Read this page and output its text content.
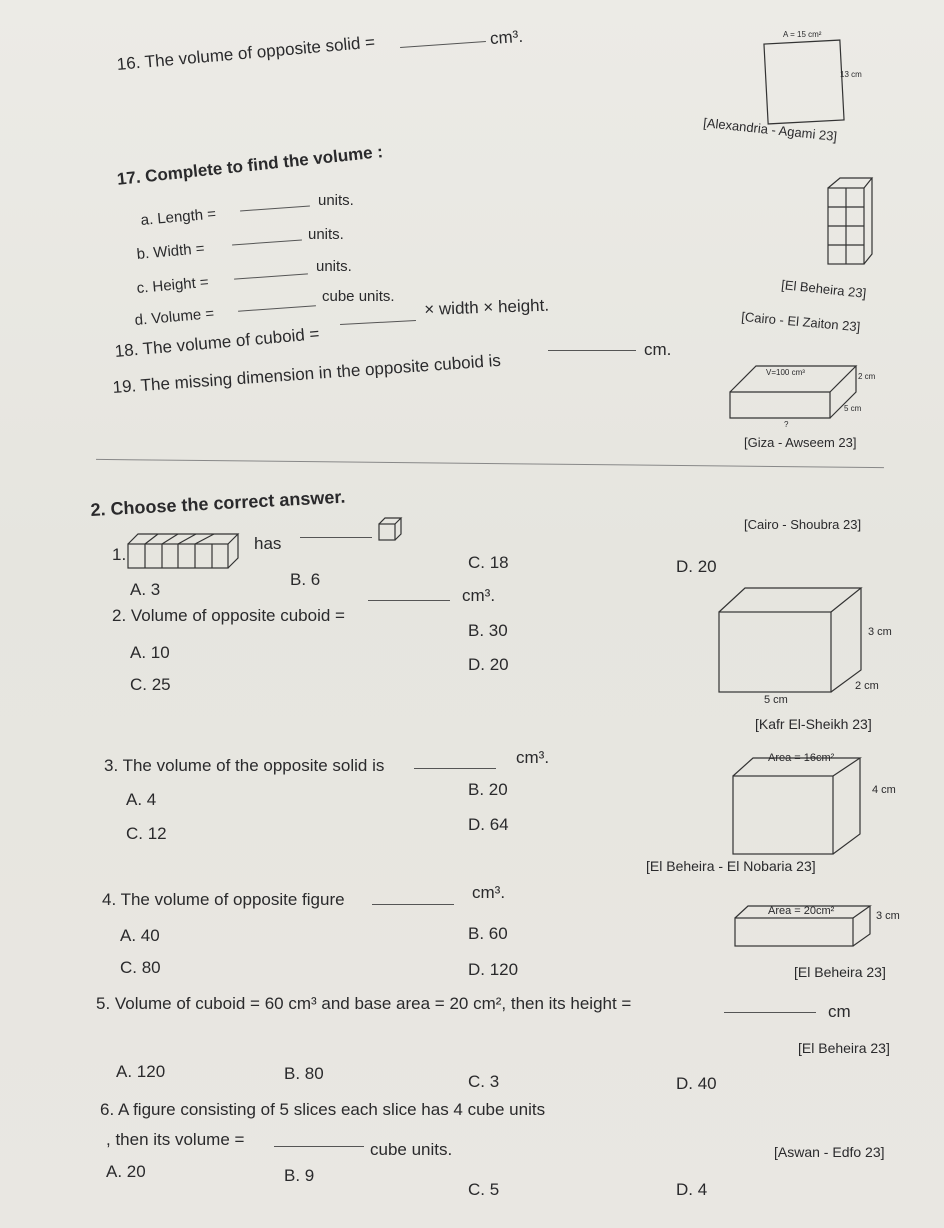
16. The volume of opposite solid =	cm³.	A = 15 cm²
13 cm
[Alexandria - Agami 23]
17. Complete to find the volume :
a. Length =
units.
b. Width =
units.
c. Height =
units.
d. Volume =
cube units.	[El Beheira 23]
18. The volume of cuboid =
× width × height.
[Cairo - El Zaiton 23]
19. The missing dimension in the opposite cuboid is
cm.
V=100 cm³	2 cm
5 cm
?
[Giza - Awseem 23]
2. Choose the correct answer.
1.
has
[Cairo - Shoubra 23]
A. 3
B. 6
C. 18	D. 20
2. Volume of opposite cuboid =
cm³.
A. 10
B. 30
C. 25
D. 20
3 cm
2 cm
5 cm
[Kafr El-Sheikh 23]
3. The volume of the opposite solid is	cm³.
A. 4
B. 20
C. 12	D. 64
Area = 16cm²
4 cm
[El Beheira - El Nobaria 23]
4. The volume of opposite figure	cm³.
A. 40	B. 60
C. 80	D. 120
Area = 20cm²	3 cm
[El Beheira 23]
5. Volume of cuboid = 60 cm³ and base area = 20 cm², then its height =	cm
[El Beheira 23]
A. 120	B. 80	C. 3	D. 40
6. A figure consisting of 5 slices each slice has 4 cube units
, then its volume =
cube units.	[Aswan - Edfo 23]
A. 20	B. 9
C. 5	D. 4
